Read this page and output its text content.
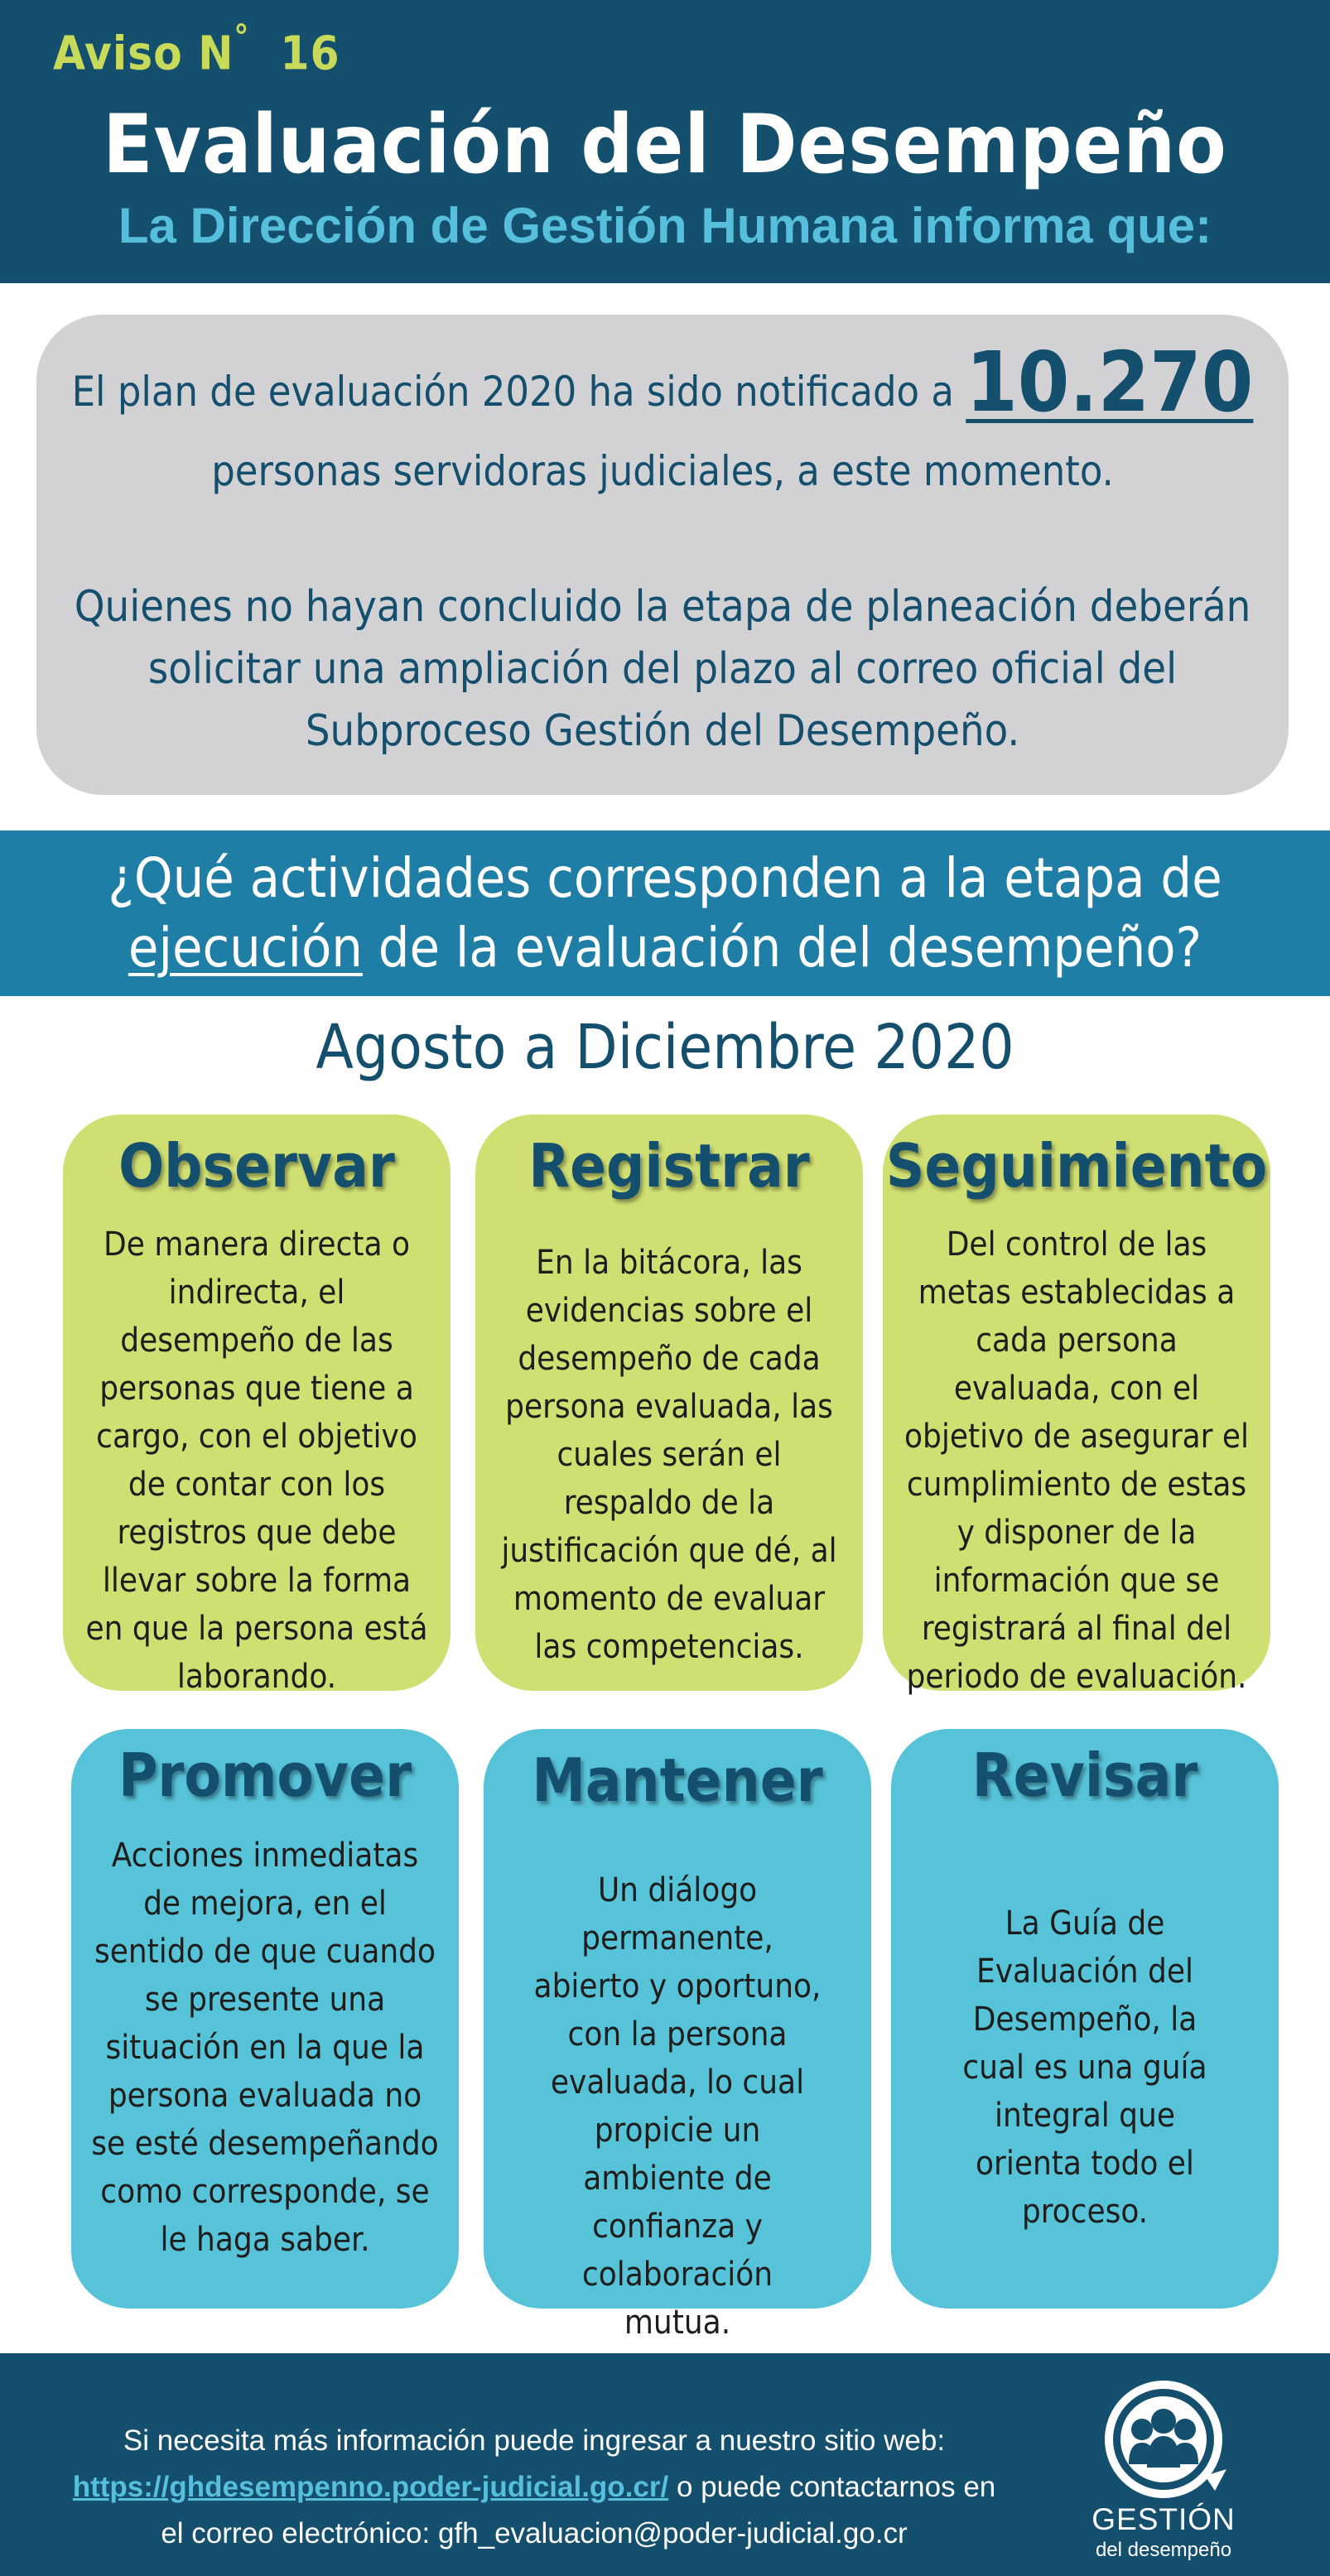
Aviso N° 16
Evaluación del Desempeño
La Dirección de Gestión Humana informa que:
El plan de evaluación 2020 ha sido notificado a 10.270
personas servidoras judiciales, a este momento.
Quienes no hayan concluido la etapa de planeación deberán solicitar una ampliación del plazo al correo oficial del Subproceso Gestión del Desempeño.
¿Qué actividades corresponden a la etapa de
ejecución de la evaluación del desempeño?
Agosto a Diciembre 2020
Observar
De manera directa o indirecta, el desempeño de las personas que tiene a cargo, con el objetivo de contar con los registros que debe llevar sobre la forma en que la persona está laborando.
Registrar
En la bitácora, las evidencias sobre el desempeño de cada persona evaluada, las cuales serán el respaldo de la justificación que dé, al momento de evaluar las competencias.
Seguimiento
Del control de las metas establecidas a cada persona evaluada, con el objetivo de asegurar el cumplimiento de estas y disponer de la información que se registrará al final del periodo de evaluación.
Promover
Acciones inmediatas de mejora, en el sentido de que cuando se presente una situación en la que la persona evaluada no se esté desempeñando como corresponde, se le haga saber.
Mantener
Un diálogo permanente, abierto y oportuno, con la persona evaluada, lo cual propicie un ambiente de confianza y colaboración mutua.
Revisar
La Guía de Evaluación del Desempeño, la cual es una guía integral que orienta todo el proceso.
Si necesita más información puede ingresar a nuestro sitio web:
https://ghdesempenno.poder-judicial.go.cr/ o puede contactarnos en
el correo electrónico: gfh_evaluacion@poder-judicial.go.cr	GESTIÓN
del desempeño
